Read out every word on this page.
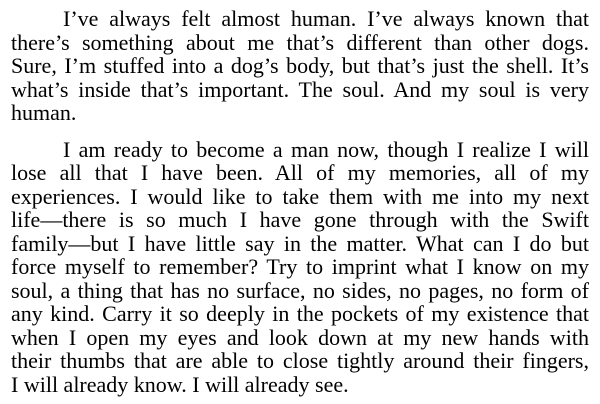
I’ve always felt almost human. I’ve always known that
there’s something about me that’s different than other dogs.
Sure, I’m stuffed into a dog’s body, but that’s just the shell. It’s
what’s inside that’s important. The soul. And my soul is very
human.
I am ready to become a man now, though I realize I will
lose all that I have been. All of my memories, all of my
experiences. I would like to take them with me into my next
life—there is so much I have gone through with the Swift
family—but I have little say in the matter. What can I do but
force myself to remember? Try to imprint what I know on my
soul, a thing that has no surface, no sides, no pages, no form of
any kind. Carry it so deeply in the pockets of my existence that
when I open my eyes and look down at my new hands with
their thumbs that are able to close tightly around their fingers,
I will already know. I will already see.
